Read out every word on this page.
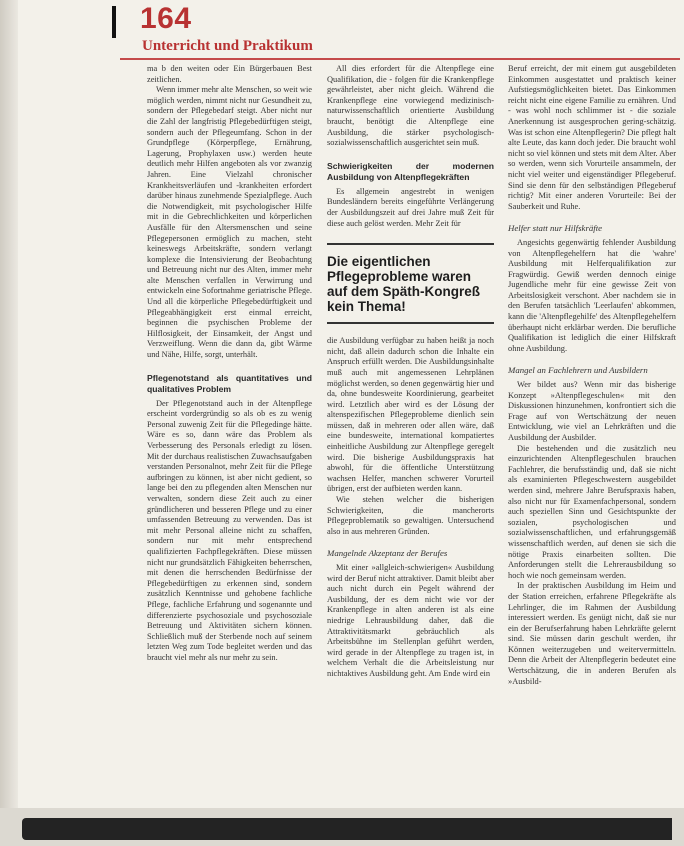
164
Unterricht und Praktikum

ma b den weiten oder Ein Bürgerbauen Best zeitlichen.

Wenn immer mehr alte Menschen, so weit wie möglich werden, nimmt nicht nur Gesundheit zu, sondern der Pflegebedarf steigt. Aber nicht nur die Zahl der langfristig Pflegebedürftigen steigt, sondern auch der Pflegeumfang. Schon in der Grundpflege (Körperpflege, Ernährung, Lagerung, Prophylaxen usw.) werden heute deutlich mehr Hilfen angeboten als vor zwanzig Jahren. Eine Vielzahl chronischer Krankheitsverläufen und -krankheiten erfordert darüber hinaus zunehmende Spezialpflege. Auch die Notwendigkeit, mit psychologischer Hilfe mit in die Gebrechlichkeiten und körperlichen Ausfälle für den Altersmenschen und seine Pflegepersonen ermöglich zu machen, steht keineswegs Arbeitskräfte, sondern verlangt komplexe die Intensivierung der Beobachtung und Betreuung nicht nur des Alten, immer mehr alte Menschen verfallen in Verwirrung und entwickeln eine Sofortnahme geriatrische Pflege. Und all die körperliche Pflegebedürftigkeit und Pflegeabhängigkeit erst einmal erreicht, beginnen die psychischen Probleme der Hilflosigkeit, der Einsamkeit, der Angst und Verzweiflung. Wenn die dann da, gibt Wärme und Nähe, Hilfe, sorgt, unterhält.

Pflegenotstand als quantitatives und qualitatives Problem

Der Pflegenotstand auch in der Altenpflege erscheint vordergründig so als ob es zu wenig Personal zuwenig Zeit für die Pflegedinge hätte. Wäre es so, dann wäre das Problem als Verbesserung des Personals erledigt zu lösen. Mit der durchaus realistischen Zuwachsaufgaben verstanden Personalnot, mehr Zeit für die Pflege aufbringen zu können, ist aber nicht gedient, so lange bei den zu pflegenden alten Menschen nur verwalten, sondern diese Zeit auch zu einer gründlicheren und besseren Pflege und zu einer umfassenden Betreuung zu verwenden. Das ist mit mehr Personal alleine nicht zu schaffen, sondern nur mit mehr entsprechend qualifizierten Fachpflegekräften. Diese müssen nicht nur grundsätzlich Fähigkeiten beherrschen, mit denen die herrschenden Bedürfnisse der Pflegebedürftigen zu erkennen sind, sondern zusätzlich Kenntnisse und gehobene fachliche Pflege, fachliche Erfahrung und sogenannte und differenzierte psychosoziale und psychosoziale Betreuung und Aktivitäten sichern können. Schließlich muß der Sterbende noch auf seinem letzten Weg zum Tode begleitet werden und das braucht viel mehr als nur mehr zu sein.

All dies erfordert für die Altenpflege eine Qualifikation, die - folgen für die Krankenpflege gewährleistet, aber nicht gleich. Während die Krankenpflege eine vorwiegend medizinisch-naturwissenschaftlich orientierte Ausbildung braucht, benötigt die Altenpflege eine Ausbildung, die stärker psychologisch-sozialwissenschaftlich ausgerichtet sein muß.

Schwierigkeiten der modernen Ausbildung von Altenpflegekräften

Es allgemein angestrebt in wenigen Bundesländern bereits eingeführte Verlängerung der Ausbildungszeit auf drei Jahre muß Zeit für diese auch gelöst werden. Mehr Zeit für

Die eigentlichen Pflegeprobleme waren auf dem Späth-Kongreß kein Thema!

die Ausbildung verfügbar zu haben heißt ja noch nicht, daß allein dadurch schon die Inhalte ein Anspruch erfüllt werden. Die Ausbildungsinhalte muß auch mit angemessenen Lehrplänen möglichst werden, so denen gegenwärtig hier und da, ohne bundesweite Koordinierung, gearbeitet wird. Letztlich aber wird es der Lösung der altenspezifischen Pflegeprobleme dienlich sein müssen, daß in mehreren oder allen wäre, daß eine bundesweite, international kompatiertes einheitliche Ausbildung zur Altenpflege geregelt wird. Die bisherige Ausbildungspraxis hat abwohl, für die öffentliche Unterstützung wachsen Helfer, manchen schwerer Vorurteil übrigen, erst der aufbieten werden kann.

Wie stehen welcher die bisherigen Schwierigkeiten, die mancherorts Pflegeproblematik so gewaltigen. Untersuchend also in aus mehreren Gründen.

Mangelnde Akzeptanz der Berufes

Mit einer »allgleich-schwierigen« Ausbildung wird der Beruf nicht attraktiver. Damit bleibt aber auch nicht durch ein Pegelt während der Ausbildung, der es dem nicht wie vor der Krankenpflege in alten anderen ist als eine niedrige Lehrausbildung daher, daß die Attraktivitätsmarkt gebräuchlich als Arbeitsbühne im Stellenplan geführt werden, wird gerade in der Altenpflege zu tragen ist, in welchem Verhalt die die Arbeitsleistung nur nichtaktives Ausbildung geht. Am Ende wird ein

Beruf erreicht, der mit einem gut ausgebildeten Einkommen ausgestattet und praktisch keiner Aufstiegsmöglichkeiten bietet. Das Einkommen reicht nicht eine eigene Familie zu ernähren. Und - was wohl noch schlimmer ist - die soziale Anerkennung ist ausgesprochen gering-schätzig. Was ist schon eine Altenpflegerin? Die pflegt halt alte Leute, das kann doch jeder. Die braucht wohl nicht so viel können und stets mit dem Alter. Aber so werden, wenn sich Vorurteile ansammeln, der nicht viel weiter und eigenständiger Pflegeberuf. Sind sie denn für den selbständigen Pflegeberuf richtig? Mit einer anderen Vorurteile: Bei der Sauberkeit und Ruhe.

Helfer statt nur Hilfskräfte

Angesichts gegenwärtig fehlender Ausbildung von Altenpflegehelfern hat die 'wahre' Ausbildung mit Helferqualifikation zur Fragwürdig. Gewiß werden dennoch einige Jugendliche mehr für eine gewisse Zeit von Arbeitslosigkeit verschont. Aber nachdem sie in den Berufen tatsächlich 'Leerlaufen' abkommen, kann die 'Altenpflegehilfe' des Altenpflegehelfern überhaupt nicht erklärbar werden. Die berufliche Qualifikation ist lediglich die einer Hilfskraft ohne Ausbildung.

Mangel an Fachlehrern und Ausbildern

Wer bildet aus? Wenn mir das bisherige Konzept »Altenpflegeschulen« mit den Diskussionen hinzunehmen, konfrontiert sich die Frage auf von Wertschätzung der neuen Entwicklung, wie viel an Lehrkräften und die Ausbildung der Ausbilder.

Die bestehenden und die zusätzlich neu einzurichtenden Altenpflegeschulen brauchen Fachlehrer, die berufsständig und, daß sie nicht als examinierten Pflegeschwestern ausgebildet werden sind, mehrere Jahre Berufspraxis haben, also nicht nur für Examenfachpersonal, sondern auch speziellen Sinn und Gesichtspunkte der sozialen, psychologischen und sozialwissenschaftlichen, und erfahrungsgemäß wissenschaftlich werden, auf denen sie sich die nötige Praxis einarbeiten sollten. Die Anforderungen stellt die Lehrerausbildung so hoch wie noch gemeinsam werden.

In der praktischen Ausbildung im Heim und der Station erreichen, erfahrene Pflegekräfte als Lehrlinger, die im Rahmen der Ausbildung interessiert werden. Es genügt nicht, daß sie nur ein der Berufserfahrung haben Lehrkräfte gelernt sind. Sie müssen darin geschult werden, ihr Können weiterzugeben und weitervermitteln. Denn die Arbeit der Altenpflegerin bedeutet eine Wertschätzung, die in anderen Berufen als »Ausbild-
